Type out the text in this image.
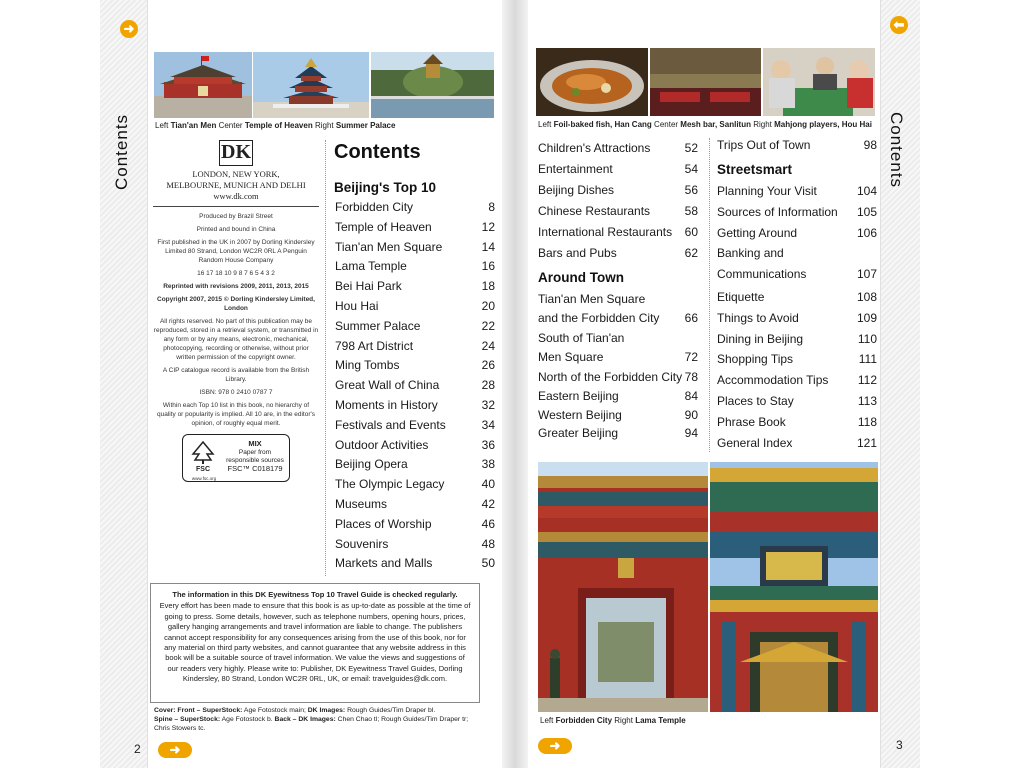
Contents	Contents
➜	⬅
➜	➜
2	3
Left Tian'an Men Center Temple of Heaven Right Summer Palace
DK
LONDON, NEW YORK,
MELBOURNE, MUNICH AND DELHI
www.dk.com

Produced by Brazil Street

Printed and bound in China

First published in the UK in 2007 by Dorling Kindersley Limited 80 Strand, London WC2R 0RL A Penguin Random House Company

16 17 18 10 9 8 7 6 5 4 3 2

Reprinted with revisions 2009, 2011, 2013, 2015

Copyright 2007, 2015 © Dorling Kindersley Limited, London

All rights reserved. No part of this publication may be reproduced, stored in a retrieval system, or transmitted in any form or by any means, electronic, mechanical, photocopying, recording or otherwise, without prior written permission of the copyright owner.

A CIP catalogue record is available from the British Library.

ISBN: 978 0 2410 0787 7

Within each Top 10 list in this book, no hierarchy of quality or popularity is implied. All 10 are, in the editor's opinion, of roughly equal merit.

FSC
www.fsc.org
MIX
Paper from responsible sources
FSC™ C018179
Contents
Beijing's Top 10
Forbidden City	8
Temple of Heaven	12
Tian'an Men Square	14
Lama Temple	16
Bei Hai Park	18
Hou Hai	20
Summer Palace	22
798 Art District	24
Ming Tombs	26
Great Wall of China	28
Moments in History	32
Festivals and Events	34
Outdoor Activities	36
Beijing Opera	38
The Olympic Legacy	40
Museums	42
Places of Worship	46
Souvenirs	48
Markets and Malls	50
The information in this DK Eyewitness Top 10 Travel Guide is checked regularly.
Every effort has been made to ensure that this book is as up-to-date as possible at the time of going to press. Some details, however, such as telephone numbers, opening hours, prices, gallery hanging arrangements and travel information are liable to change. The publishers cannot accept responsibility for any consequences arising from the use of this book, nor for any material on third party websites, and cannot guarantee that any website address in this book will be a suitable source of travel information. We value the views and suggestions of our readers very highly. Please write to: Publisher, DK Eyewitness Travel Guides, Dorling Kindersley, 80 Strand, London WC2R 0RL, UK, or email: travelguides@dk.com.
Cover: Front – SuperStock: Age Fotostock main; DK Images: Rough Guides/Tim Draper bl.
Spine – SuperStock: Age Fotostock b. Back – DK Images: Chen Chao tl; Rough Guides/Tim Draper tr; Chris Stowers tc.
Left Foil-baked fish, Han Cang Center Mesh bar, Sanlitun Right Mahjong players, Hou Hai
Children's Attractions	52
Entertainment	54
Beijing Dishes	56
Chinese Restaurants	58
International Restaurants	60
Bars and Pubs	62
Around Town
Tian'an Men Square
and the Forbidden City	66
South of Tian'an
Men Square	72
North of the Forbidden City 78
Eastern Beijing	84
Western Beijing	90
Greater Beijing	94
Trips Out of Town	98
Streetsmart
Planning Your Visit	104
Sources of Information	105
Getting Around	106
Banking and
Communications	107
Etiquette	108
Things to Avoid	109
Dining in Beijing	110
Shopping Tips	111
Accommodation Tips	112
Places to Stay	113
Phrase Book	118
General Index	121
Left Forbidden City Right Lama Temple
